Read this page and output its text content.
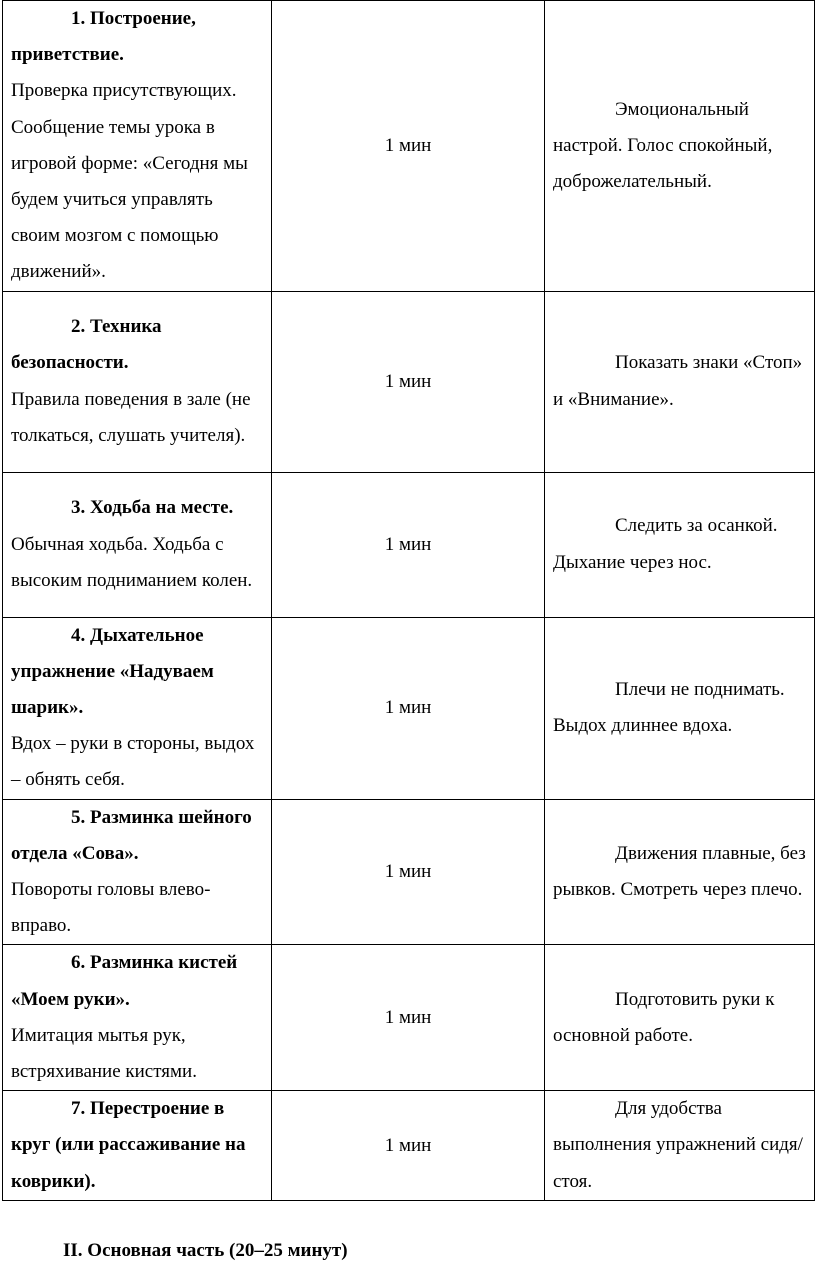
1. Построение, приветствие.
Проверка присутствующих. Сообщение темы урока в игровой форме: «Сегодня мы будем учиться управлять своим мозгом с помощью движений».	1 мин	Эмоциональный настрой. Голос спокойный, доброжелательный.

2. Техника безопасности.
Правила поведения в зале (не толкаться, слушать учителя).	1 мин	Показать знаки «Стоп» и «Внимание».

3. Ходьба на месте.
Обычная ходьба. Ходьба с высоким подниманием колен.	1 мин	Следить за осанкой. Дыхание через нос.

4. Дыхательное упражнение «Надуваем шарик».
Вдох – руки в стороны, выдох – обнять себя.	1 мин	Плечи не поднимать. Выдох длиннее вдоха.

5. Разминка шейного отдела «Сова».
Повороты головы влево-вправо.	1 мин	Движения плавные, без рывков. Смотреть через плечо.

6. Разминка кистей «Моем руки».
Имитация мытья рук, встряхивание кистями.	1 мин	Подготовить руки к основной работе.

7. Перестроение в круг (или рассаживание на коврики).	1 мин	Для удобства выполнения упражнений сидя/стоя.
II. Основная часть (20–25 минут)
